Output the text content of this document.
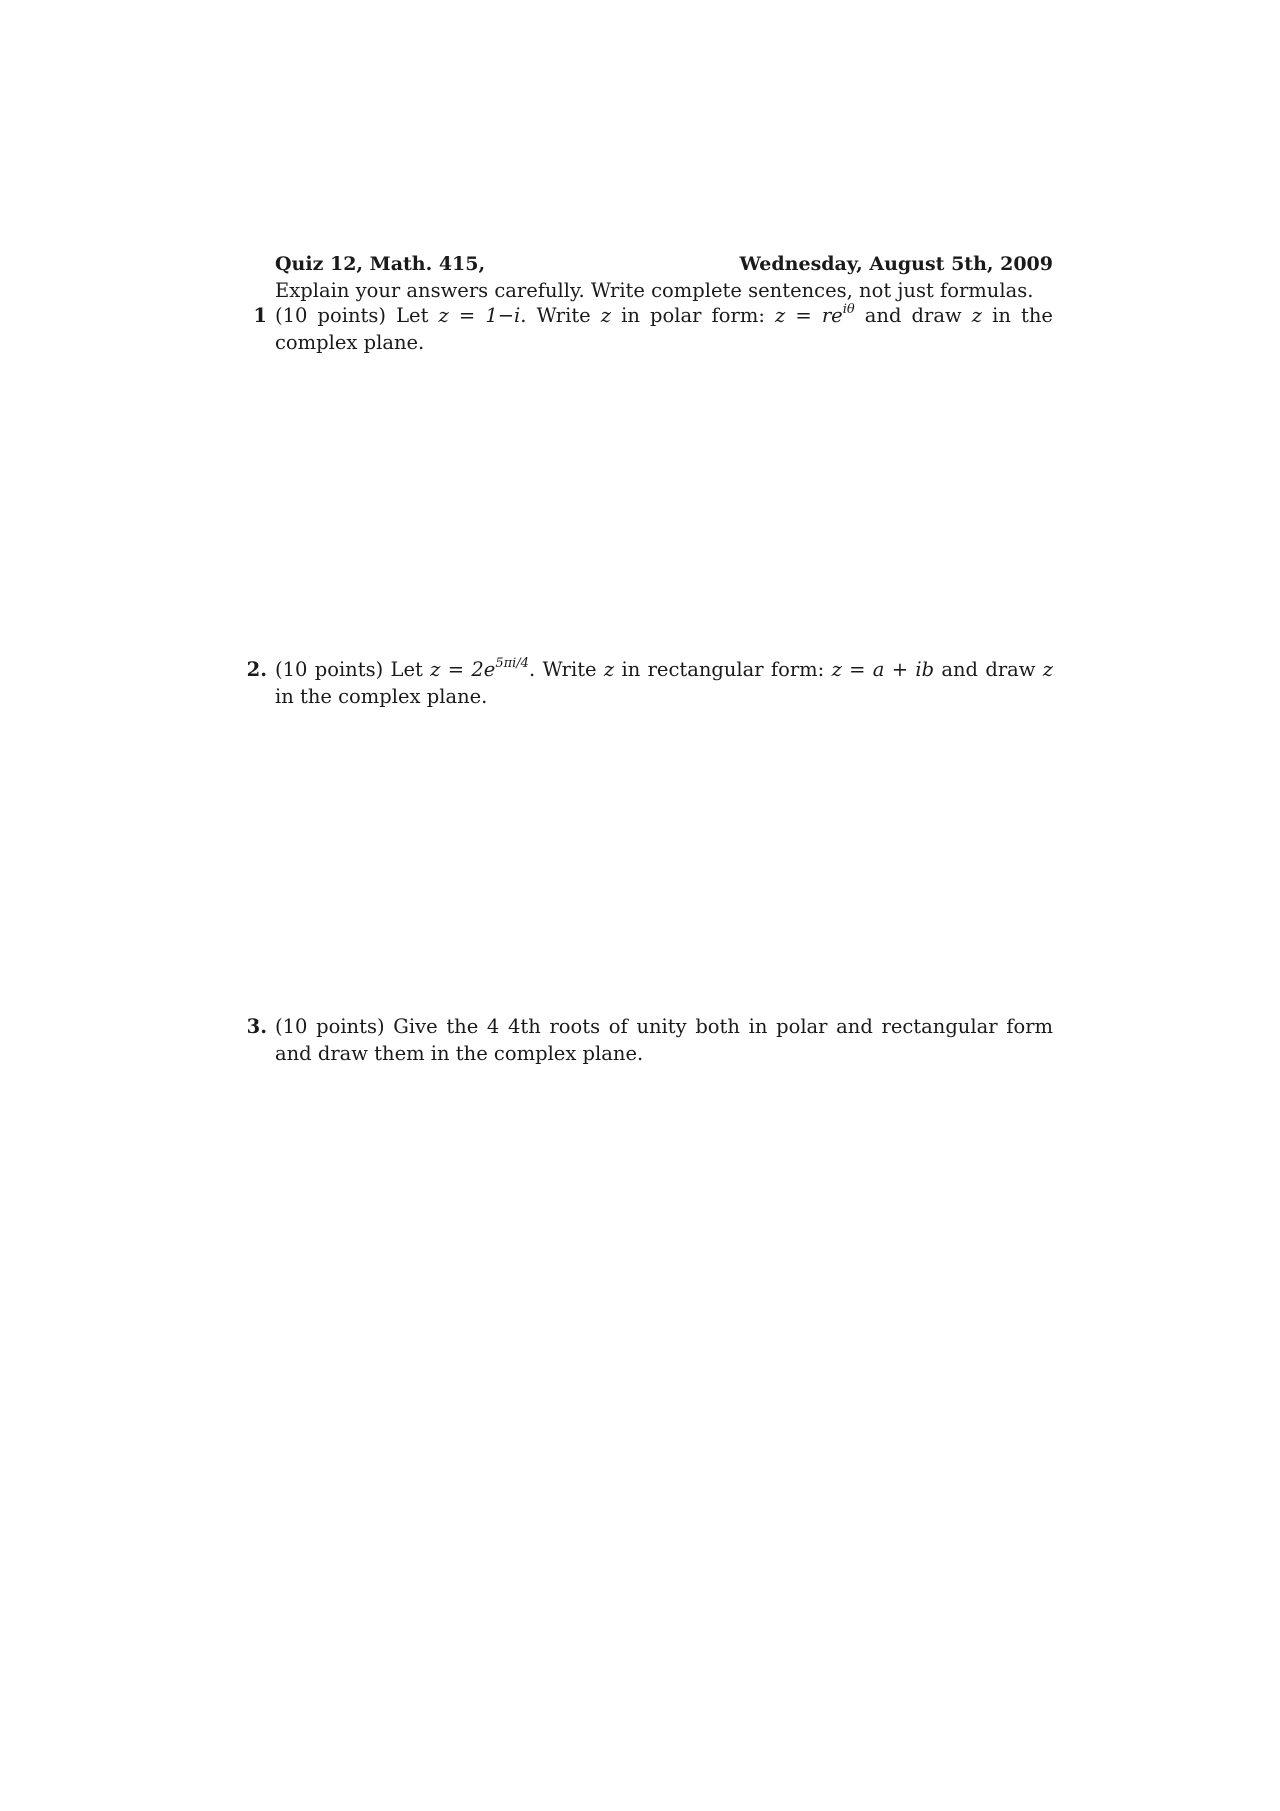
Quiz 12, Math. 415,	Wednesday, August 5th, 2009
Explain your answers carefully. Write complete sentences, not just formulas.
1 (10 points) Let z = 1−i. Write z in polar form: $z = re^{i\theta}$ and draw z in the complex plane.
2. (10 points) Let $z = 2e^{5\pi i/4}$. Write z in rectangular form: z = a + ib and draw z in the complex plane.
3. (10 points) Give the 4 4th roots of unity both in polar and rectangular form and draw them in the complex plane.
